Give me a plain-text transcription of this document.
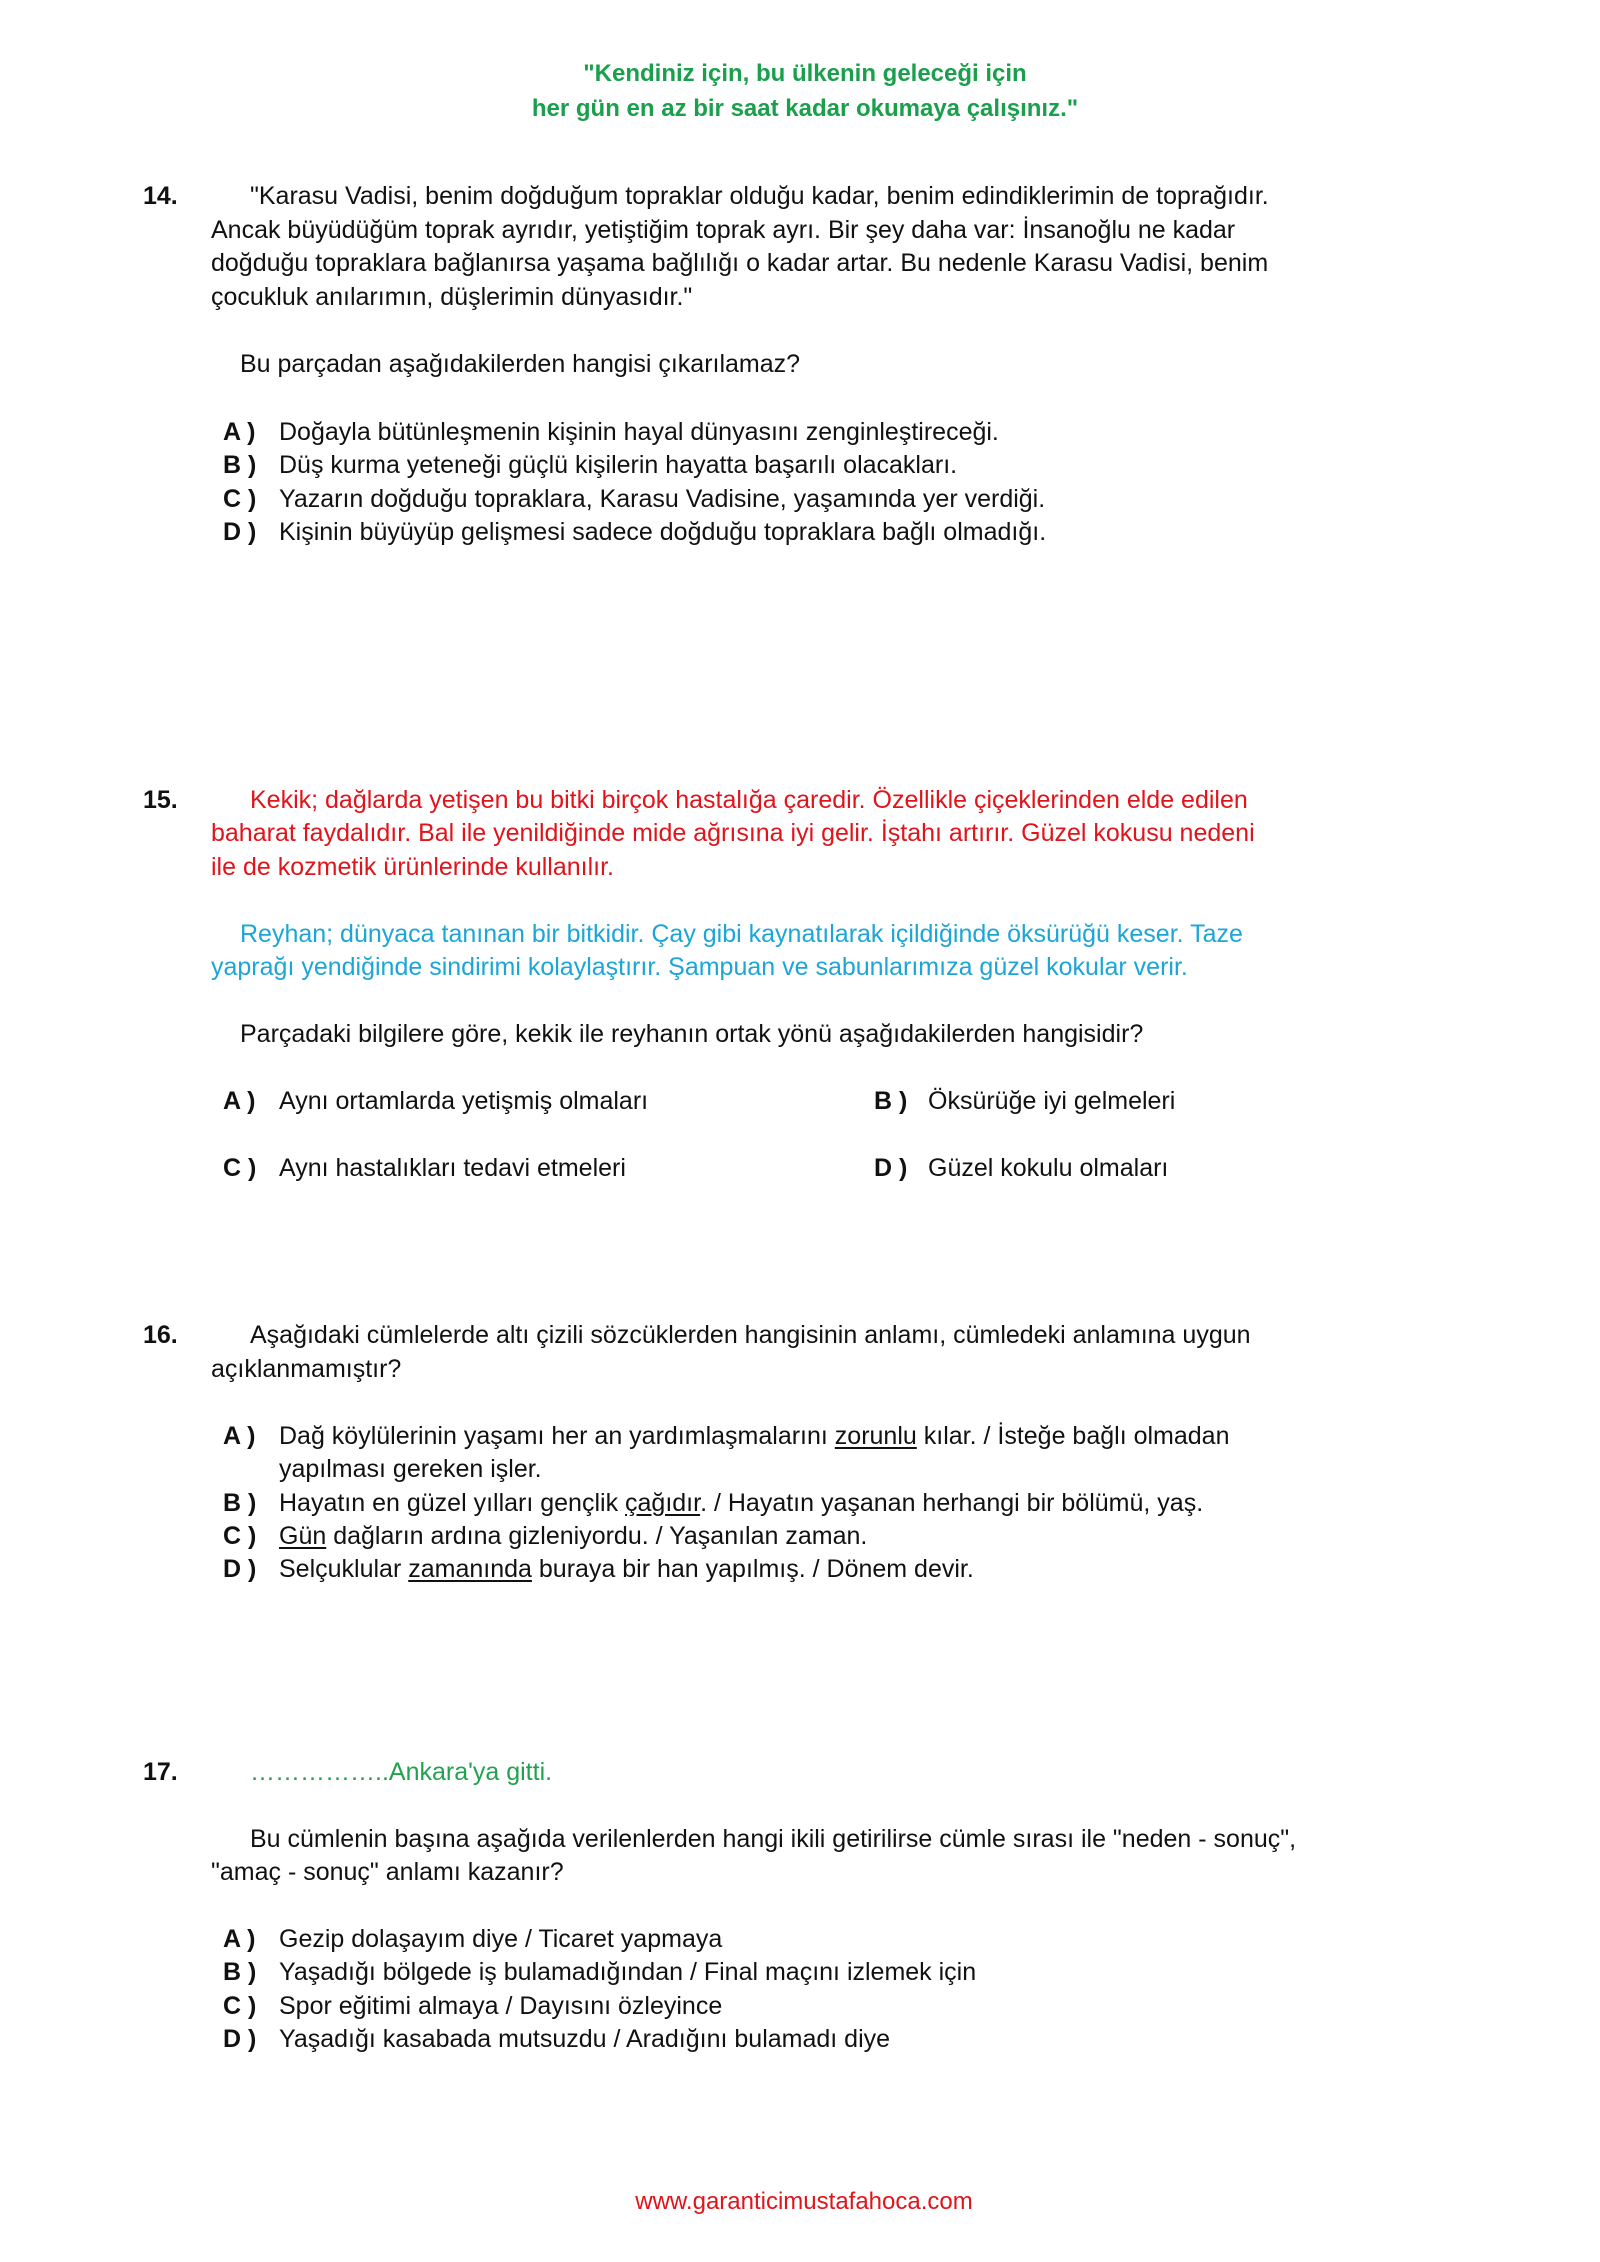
"Kendiniz için, bu ülkenin geleceği için
her gün en az bir saat kadar okumaya çalışınız."
14.	"Karasu Vadisi, benim doğduğum topraklar olduğu kadar, benim edindiklerimin de toprağıdır.
Ancak büyüdüğüm toprak ayrıdır, yetiştiğim toprak ayrı. Bir şey daha var: İnsanoğlu ne kadar
doğduğu topraklara bağlanırsa yaşama bağlılığı o kadar artar. Bu nedenle Karasu Vadisi, benim
çocukluk anılarımın, düşlerimin dünyasıdır."
Bu parçadan aşağıdakilerden hangisi çıkarılamaz?
A ) Doğayla bütünleşmenin kişinin hayal dünyasını zenginleştireceği.
B ) Düş kurma yeteneği güçlü kişilerin hayatta başarılı olacakları.
C ) Yazarın doğduğu topraklara, Karasu Vadisine, yaşamında yer verdiği.
D ) Kişinin büyüyüp gelişmesi sadece doğduğu topraklara bağlı olmadığı.
15.	Kekik; dağlarda yetişen bu bitki birçok hastalığa çaredir. Özellikle çiçeklerinden elde edilen
baharat faydalıdır. Bal ile yenildiğinde mide ağrısına iyi gelir. İştahı artırır. Güzel kokusu nedeni
ile de kozmetik ürünlerinde kullanılır.
Reyhan; dünyaca tanınan bir bitkidir. Çay gibi kaynatılarak içildiğinde öksürüğü keser. Taze
yaprağı yendiğinde sindirimi kolaylaştırır. Şampuan ve sabunlarımıza güzel kokular verir.
Parçadaki bilgilere göre, kekik ile reyhanın ortak yönü aşağıdakilerden hangisidir?
A ) Aynı ortamlarda yetişmiş olmaları	B ) Öksürüğe iyi gelmeleri
C ) Aynı hastalıkları tedavi etmeleri	D ) Güzel kokulu olmaları
16.	Aşağıdaki cümlelerde altı çizili sözcüklerden hangisinin anlamı, cümledeki anlamına uygun
açıklanmamıştır?
A ) Dağ köylülerinin yaşamı her an yardımlaşmalarını zorunlu kılar. / İsteğe bağlı olmadan
yapılması gereken işler.
B ) Hayatın en güzel yılları gençlik çağıdır. / Hayatın yaşanan herhangi bir bölümü, yaş.
C ) Gün dağların ardına gizleniyordu. / Yaşanılan zaman.
D ) Selçuklular zamanında buraya bir han yapılmış. / Dönem devir.
17.	……………..Ankara'ya gitti.
Bu cümlenin başına aşağıda verilenlerden hangi ikili getirilirse cümle sırası ile "neden - sonuç",
"amaç - sonuç" anlamı kazanır?
A ) Gezip dolaşayım diye / Ticaret yapmaya
B ) Yaşadığı bölgede iş bulamadığından / Final maçını izlemek için
C ) Spor eğitimi almaya / Dayısını özleyince
D ) Yaşadığı kasabada mutsuzdu / Aradığını bulamadı diye
www.garanticimustafahoca.com
